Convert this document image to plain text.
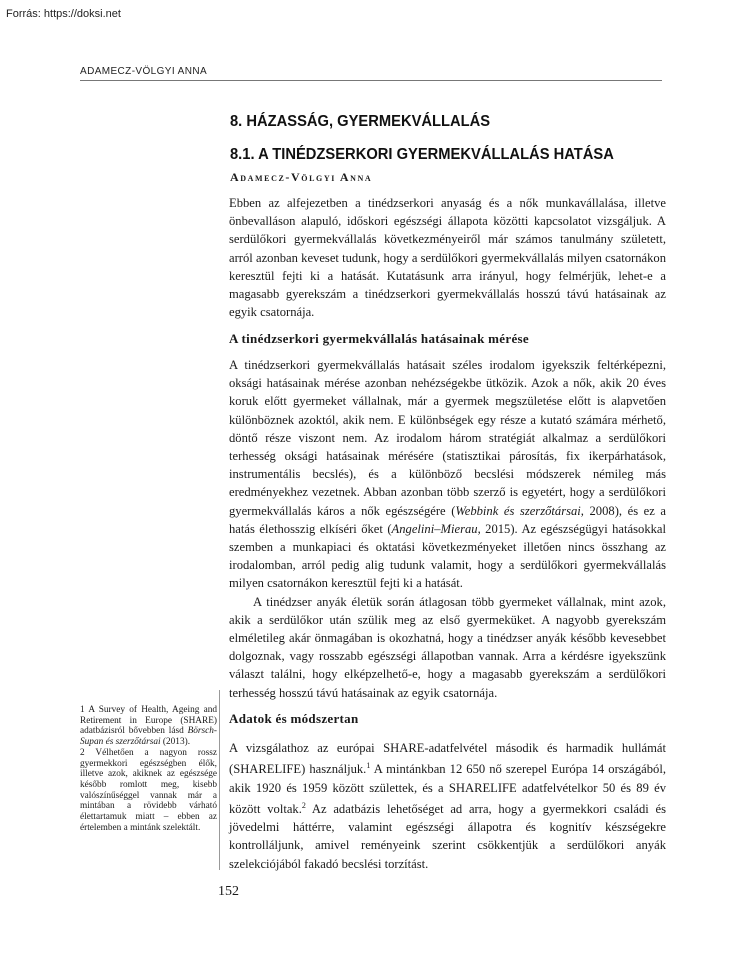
Forrás: https://doksi.net
ADAMECZ-VÖLGYI ANNA
8. HÁZASSÁG, GYERMEKVÁLLALÁS
8.1. A TINÉDZSERKORI GYERMEKVÁLLALÁS HATÁSA
Adamecz-Völgyi Anna

Ebben az alfejezetben a tinédzserkori anyaság és a nők munkavállalása, illetve önbevalláson alapuló, időskori egészségi állapota közötti kapcsolatot vizsgáljuk. A serdülőkori gyermekvállalás következményeiről már számos tanulmány született, arról azonban keveset tudunk, hogy a serdülőkori gyermekvállalás milyen csatornákon keresztül fejti ki a hatását. Kutatásunk arra irányul, hogy felmérjük, lehet-e a magasabb gyerekszám a tinédzserkori gyermekvállalás hosszú távú hatásainak az egyik csatornája.

A tinédzserkori gyermekvállalás hatásainak mérése

A tinédzserkori gyermekvállalás hatásait széles irodalom igyekszik feltérképezni, oksági hatásainak mérése azonban nehézségekbe ütközik. Azok a nők, akik 20 éves koruk előtt gyermeket vállalnak, már a gyermek megszületése előtt is alapvetően különböznek azoktól, akik nem. E különbségek egy része a kutató számára mérhető, döntő része viszont nem. Az irodalom három stratégiát alkalmaz a serdülőkori terhesség oksági hatásainak mérésére (statisztikai párosítás, fix ikerpárhatások, instrumentális becslés), és a különböző becslési módszerek némileg más eredményekhez vezetnek. Abban azonban több szerző is egyetért, hogy a serdülőkori gyermekvállalás káros a nők egészségére (Webbink és szerzőtársai, 2008), és ez a hatás élethosszig elkíséri őket (Angelini–Mierau, 2015). Az egészségügyi hatásokkal szemben a munkapiaci és oktatási következményeket illetően nincs összhang az irodalomban, arról pedig alig tudunk valamit, hogy a serdülőkori gyermekvállalás milyen csatornákon keresztül fejti ki a hatását.

A tinédzser anyák életük során átlagosan több gyermeket vállalnak, mint azok, akik a serdülőkor után szülik meg az első gyermeküket. A nagyobb gyerekszám elméletileg akár önmagában is okozhatná, hogy a tinédzser anyák később kevesebbet dolgoznak, vagy rosszabb egészségi állapotban vannak. Arra a kérdésre igyekszünk választ találni, hogy elképzelhető-e, hogy a magasabb gyerekszám a serdülőkori terhesség hosszú távú hatásainak az egyik csatornája.

1 A Survey of Health, Ageing and Retirement in Europe (SHARE) adatbázisról bővebben lásd Börsch-Supan és szerzőtársai (2013).

2 Vélhetően a nagyon rossz gyermekkori egészségben élők, illetve azok, akiknek az egészsége később romlott meg, kisebb valószínűséggel vannak már a mintában a rövidebb várható élettartamuk miatt – ebben az értelemben a mintánk szelektált.

Adatok és módszertan

A vizsgálathoz az európai SHARE-adatfelvétel második és harmadik hullámát (SHARELIFE) használjuk.$^1$ A mintánkban 12 650 nő szerepel Európa 14 országából, akik 1920 és 1959 között születtek, és a SHARELIFE adatfelvételkor 50 és 89 év között voltak.$^2$ Az adatbázis lehetőséget ad arra, hogy a gyermekkori családi és jövedelmi háttérre, valamint egészségi állapotra és kognitív készségekre kontrolláljunk, amivel reményeink szerint csökkentjük a serdülőkori anyák szelekciójából fakadó becslési torzítást.

152
